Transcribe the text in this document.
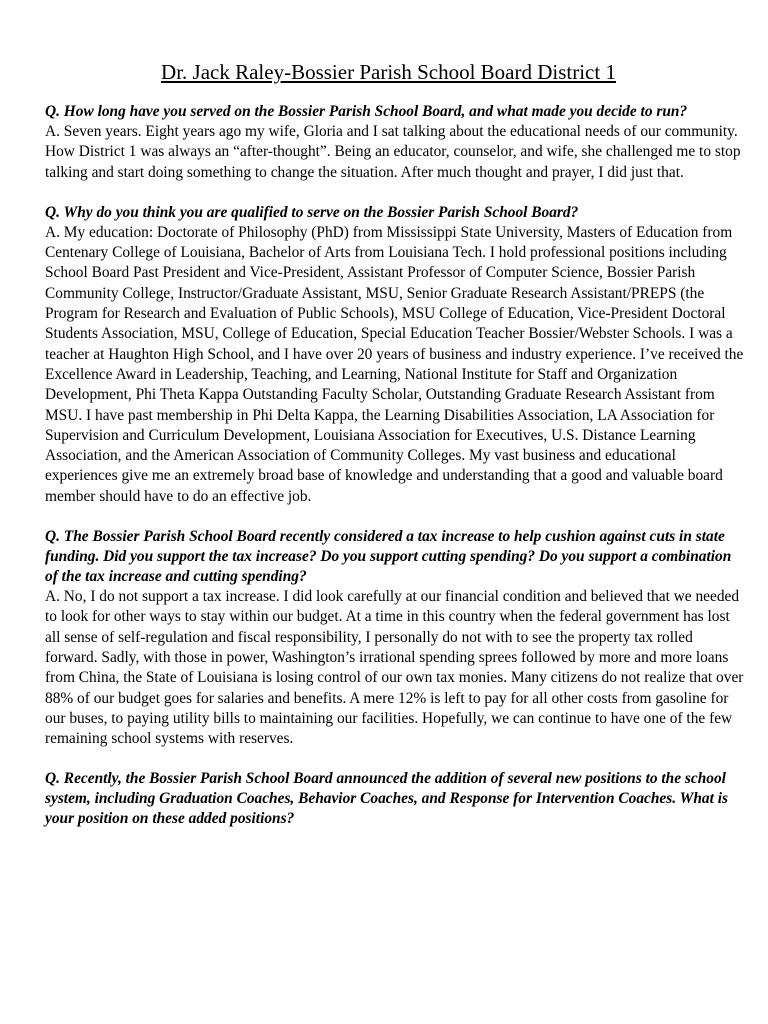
Dr. Jack Raley-Bossier Parish School Board District 1

Q. How long have you served on the Bossier Parish School Board, and what made you decide to run?

A. Seven years. Eight years ago my wife, Gloria and I sat talking about the educational needs of our community. How District 1 was always an “after-thought”. Being an educator, counselor, and wife, she challenged me to stop talking and start doing something to change the situation. After much thought and prayer, I did just that.

Q. Why do you think you are qualified to serve on the Bossier Parish School Board?

A. My education: Doctorate of Philosophy (PhD) from Mississippi State University, Masters of Education from Centenary College of Louisiana, Bachelor of Arts from Louisiana Tech. I hold professional positions including School Board Past President and Vice-President, Assistant Professor of Computer Science, Bossier Parish Community College, Instructor/Graduate Assistant, MSU, Senior Graduate Research Assistant/PREPS (the Program for Research and Evaluation of Public Schools), MSU College of Education, Vice-President Doctoral Students Association, MSU, College of Education, Special Education Teacher Bossier/Webster Schools. I was a teacher at Haughton High School, and I have over 20 years of business and industry experience. I’ve received the Excellence Award in Leadership, Teaching, and Learning, National Institute for Staff and Organization Development, Phi Theta Kappa Outstanding Faculty Scholar, Outstanding Graduate Research Assistant from MSU. I have past membership in Phi Delta Kappa, the Learning Disabilities Association, LA Association for Supervision and Curriculum Development, Louisiana Association for Executives, U.S. Distance Learning Association, and the American Association of Community Colleges. My vast business and educational experiences give me an extremely broad base of knowledge and understanding that a good and valuable board member should have to do an effective job.

Q. The Bossier Parish School Board recently considered a tax increase to help cushion against cuts in state funding. Did you support the tax increase? Do you support cutting spending? Do you support a combination of the tax increase and cutting spending?

A. No, I do not support a tax increase. I did look carefully at our financial condition and believed that we needed to look for other ways to stay within our budget. At a time in this country when the federal government has lost all sense of self-regulation and fiscal responsibility, I personally do not with to see the property tax rolled forward. Sadly, with those in power, Washington’s irrational spending sprees followed by more and more loans from China, the State of Louisiana is losing control of our own tax monies. Many citizens do not realize that over 88% of our budget goes for salaries and benefits. A mere 12% is left to pay for all other costs from gasoline for our buses, to paying utility bills to maintaining our facilities. Hopefully, we can continue to have one of the few remaining school systems with reserves.

Q. Recently, the Bossier Parish School Board announced the addition of several new positions to the school system, including Graduation Coaches, Behavior Coaches, and Response for Intervention Coaches. What is your position on these added positions?
